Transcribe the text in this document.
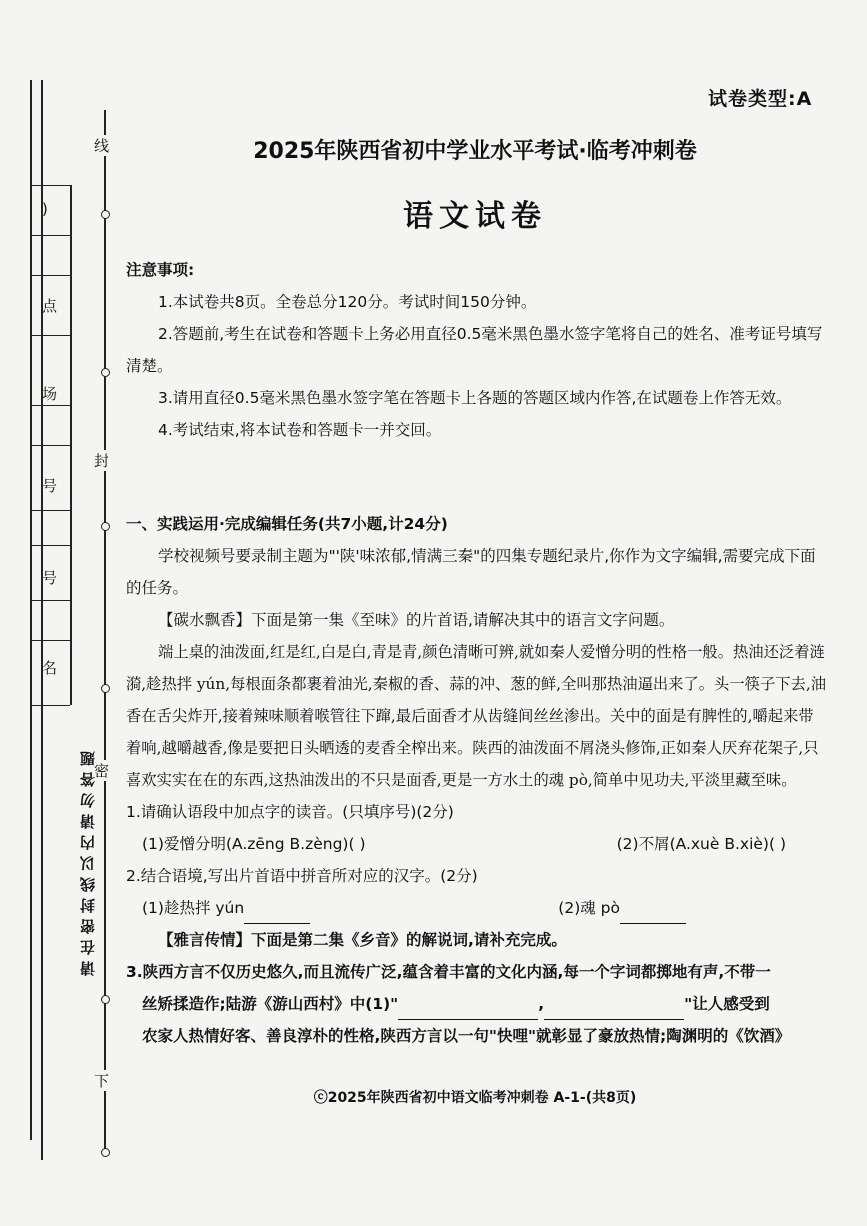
)
点
场
号
号
名
线
封
密
下
请在密封线以内请勿答题
试卷类型:A
2025年陕西省初中学业水平考试·临考冲刺卷
语文试卷

注意事项:

1.本试卷共8页。全卷总分120分。考试时间150分钟。

2.答题前,考生在试卷和答题卡上务必用直径0.5毫米黑色墨水签字笔将自己的姓名、准考证号填写清楚。

3.请用直径0.5毫米黑色墨水签字笔在答题卡上各题的答题区域内作答,在试题卷上作答无效。

4.考试结束,将本试卷和答题卡一并交回。

一、实践运用·完成编辑任务(共7小题,计24分)

学校视频号要录制主题为"'陕'味浓郁,情满三秦"的四集专题纪录片,你作为文字编辑,需要完成下面的任务。

【碳水飘香】下面是第一集《至味》的片首语,请解决其中的语言文字问题。

端上桌的油泼面,红是红,白是白,青是青,颜色清晰可辨,就如秦人爱憎分明的性格一般。热油还泛着涟漪,趁热拌 yún,每根面条都裹着油光,秦椒的香、蒜的冲、葱的鲜,全叫那热油逼出来了。头一筷子下去,油香在舌尖炸开,接着辣味顺着喉管往下蹿,最后面香才从齿缝间丝丝渗出。关中的面是有脾性的,嚼起来带着响,越嚼越香,像是要把日头晒透的麦香全榨出来。陕西的油泼面不屑浇头修饰,正如秦人厌弃花架子,只喜欢实实在在的东西,这热油泼出的不只是面香,更是一方水土的魂 pò,简单中见功夫,平淡里藏至味。

1.请确认语段中加点字的读音。(只填序号)(2分)

(1)爱憎分明(A.zēng B.zèng)( )	(2)不屑(A.xuè B.xiè)( )

2.结合语境,写出片首语中拼音所对应的汉字。(2分)

(1)趁热拌 yún	(2)魂 pò

【雅言传情】下面是第二集《乡音》的解说词,请补充完成。

3.陕西方言不仅历史悠久,而且流传广泛,蕴含着丰富的文化内涵,每一个字词都掷地有声,不带一

丝矫揉造作;陆游《游山西村》中(1)"	,	"让人感受到

农家人热情好客、善良淳朴的性格,陕西方言以一句"快哩"就彰显了豪放热情;陶渊明的《饮酒》

ⓒ2025年陕西省初中语文临考冲刺卷 A-1-(共8页)
